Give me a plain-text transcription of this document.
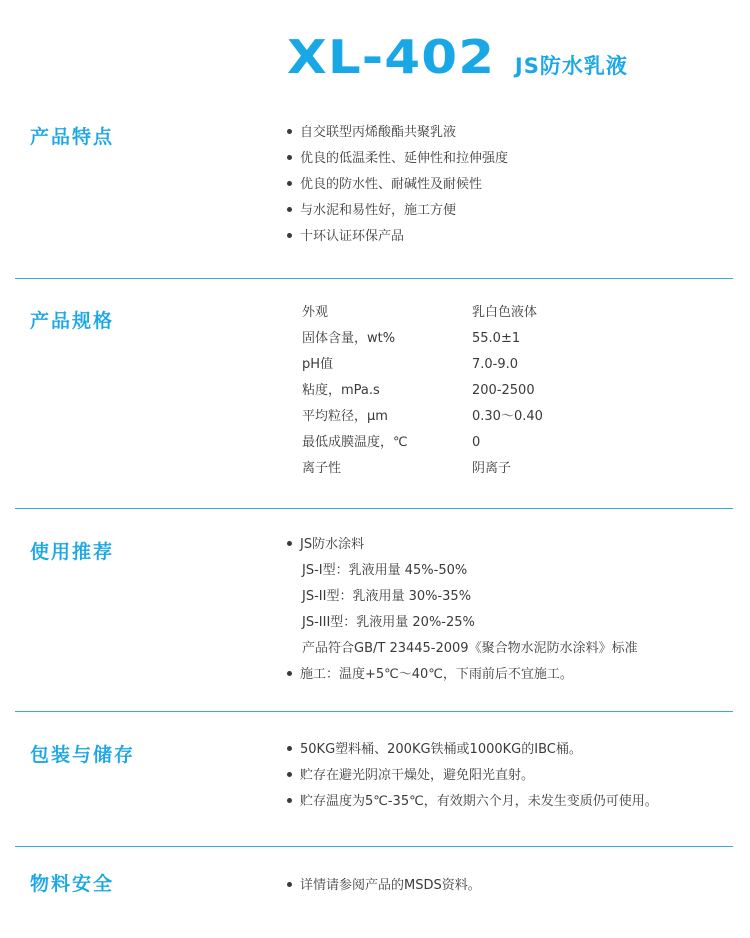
XL-402 JS防水乳液
产品特点	自交联型丙烯酸酯共聚乳液
优良的低温柔性、延伸性和拉伸强度
优良的防水性、耐碱性及耐候性
与水泥和易性好，施工方便
十环认证环保产品
产品规格	外观	乳白色液体
固体含量，wt%	55.0±1
pH值	7.0-9.0
粘度，mPa.s	200-2500
平均粒径，μm	0.30～0.40
最低成膜温度，℃	0
离子性	阴离子
使用推荐	JS防水涂料
JS-I型：乳液用量 45%-50%
JS-II型：乳液用量 30%-35%
JS-III型：乳液用量 20%-25%
产品符合GB/T 23445-2009《聚合物水泥防水涂料》标准
施工：温度+5℃～40℃，下雨前后不宜施工。
包装与储存	50KG塑料桶、200KG铁桶或1000KG的IBC桶。
贮存在避光阴凉干燥处，避免阳光直射。
贮存温度为5℃-35℃，有效期六个月，未发生变质仍可使用。
物料安全	详情请参阅产品的MSDS资料。
